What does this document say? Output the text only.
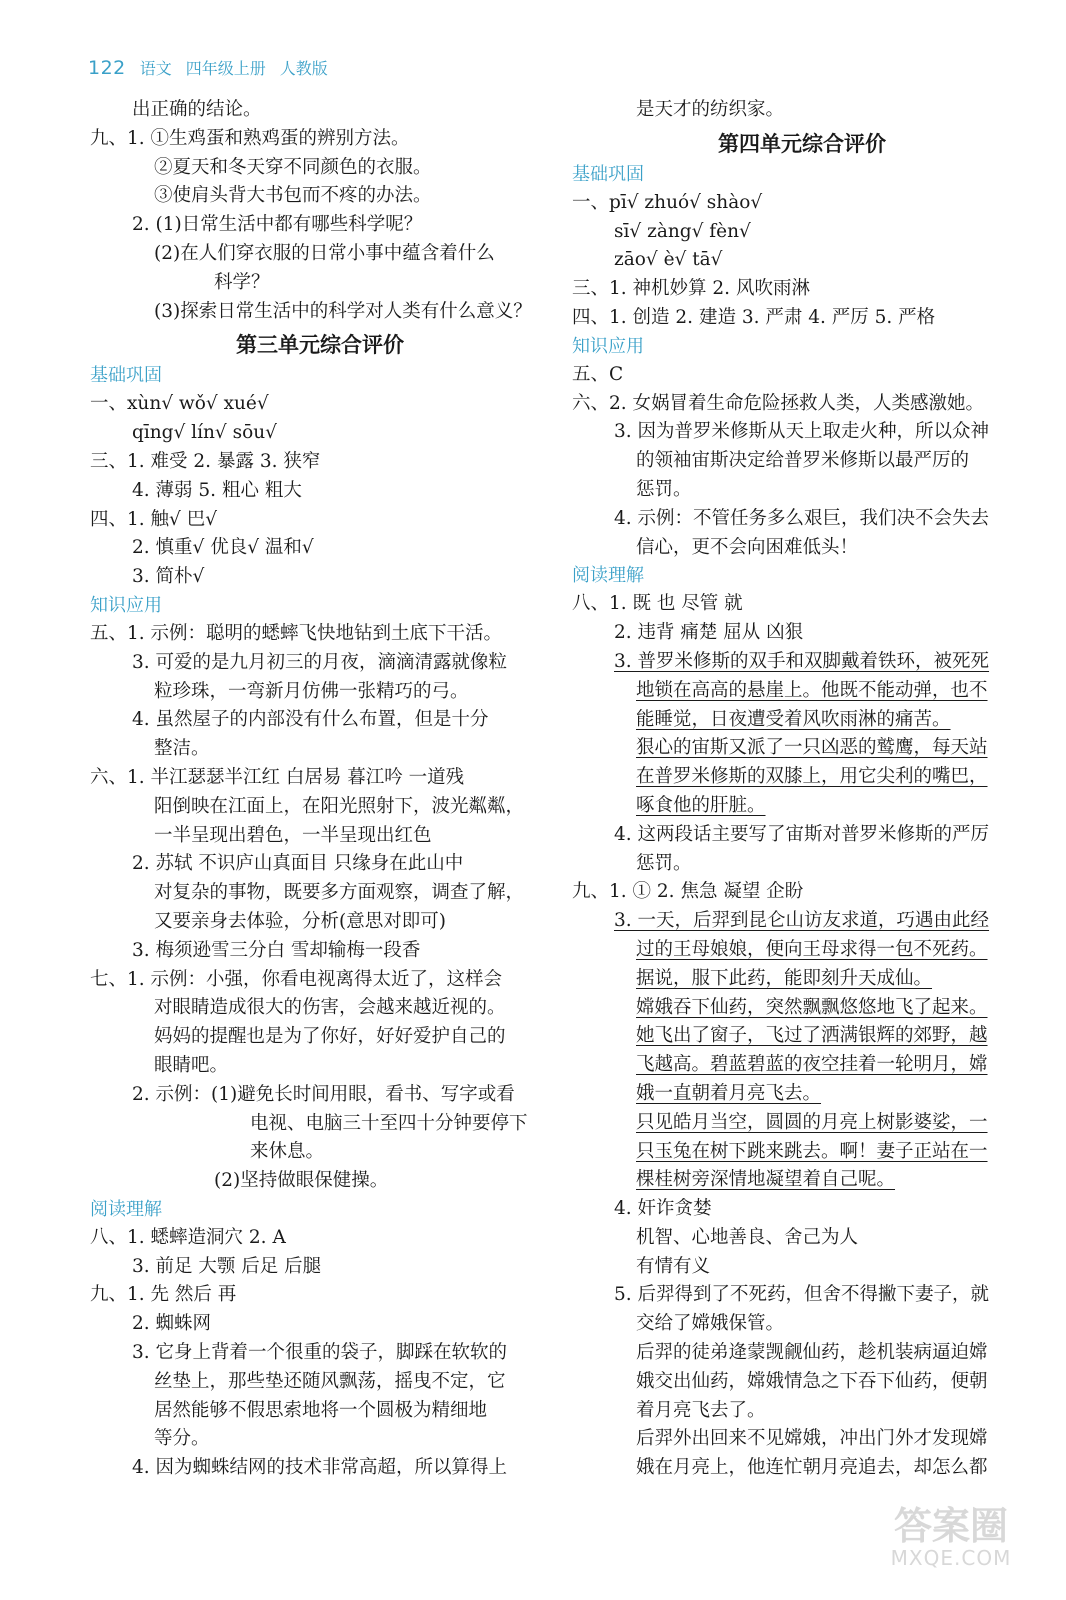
122 语文 四年级上册 人教版
出正确的结论。
九、1. ①生鸡蛋和熟鸡蛋的辨别方法。
②夏天和冬天穿不同颜色的衣服。
③使肩头背大书包而不疼的办法。
2. (1)日常生活中都有哪些科学呢？
(2)在人们穿衣服的日常小事中蕴含着什么
科学？
(3)探索日常生活中的科学对人类有什么意义？
第三单元综合评价
基础巩固
一、xùn√ wǒ√ xué√
qīng√ lín√ sōu√
三、1. 难受 2. 暴露 3. 狭窄
4. 薄弱 5. 粗心 粗大
四、1. 触√ 巴√
2. 慎重√ 优良√ 温和√
3. 简朴√
知识应用
五、1. 示例：聪明的蟋蟀飞快地钻到土底下干活。
3. 可爱的是九月初三的月夜，滴滴清露就像粒
粒珍珠，一弯新月仿佛一张精巧的弓。
4. 虽然屋子的内部没有什么布置，但是十分
整洁。
六、1. 半江瑟瑟半江红 白居易 暮江吟 一道残
阳倒映在江面上，在阳光照射下，波光粼粼，
一半呈现出碧色，一半呈现出红色
2. 苏轼 不识庐山真面目 只缘身在此山中
对复杂的事物，既要多方面观察，调查了解，
又要亲身去体验，分析(意思对即可)
3. 梅须逊雪三分白 雪却输梅一段香
七、1. 示例：小强，你看电视离得太近了，这样会
对眼睛造成很大的伤害，会越来越近视的。
妈妈的提醒也是为了你好，好好爱护自己的
眼睛吧。
2. 示例：(1)避免长时间用眼，看书、写字或看
电视、电脑三十至四十分钟要停下
来休息。
(2)坚持做眼保健操。
阅读理解
八、1. 蟋蟀造洞穴 2. A
3. 前足 大颚 后足 后腿
九、1. 先 然后 再
2. 蜘蛛网
3. 它身上背着一个很重的袋子，脚踩在软软的
丝垫上，那些垫还随风飘荡，摇曳不定，它
居然能够不假思索地将一个圆极为精细地
等分。
4. 因为蜘蛛结网的技术非常高超，所以算得上
是天才的纺织家。
第四单元综合评价
基础巩固
一、pī√ zhuó√ shào√
sī√ zàng√ fèn√
zāo√ è√ tā√
三、1. 神机妙算 2. 风吹雨淋
四、1. 创造 2. 建造 3. 严肃 4. 严厉 5. 严格
知识应用
五、C
六、2. 女娲冒着生命危险拯救人类，人类感激她。
3. 因为普罗米修斯从天上取走火种，所以众神
的领袖宙斯决定给普罗米修斯以最严厉的
惩罚。
4. 示例：不管任务多么艰巨，我们决不会失去
信心，更不会向困难低头！
阅读理解
八、1. 既 也 尽管 就
2. 违背 痛楚 屈从 凶狠
3. 普罗米修斯的双手和双脚戴着铁环，被死死
地锁在高高的悬崖上。他既不能动弹，也不
能睡觉，日夜遭受着风吹雨淋的痛苦。
狠心的宙斯又派了一只凶恶的鹫鹰，每天站
在普罗米修斯的双膝上，用它尖利的嘴巴，
啄食他的肝脏。
4. 这两段话主要写了宙斯对普罗米修斯的严厉
惩罚。
九、1. ① 2. 焦急 凝望 企盼
3. 一天，后羿到昆仑山访友求道，巧遇由此经
过的王母娘娘，便向王母求得一包不死药。
据说，服下此药，能即刻升天成仙。
嫦娥吞下仙药，突然飘飘悠悠地飞了起来。
她飞出了窗子，飞过了洒满银辉的郊野，越
飞越高。碧蓝碧蓝的夜空挂着一轮明月，嫦
娥一直朝着月亮飞去。
只见皓月当空，圆圆的月亮上树影婆娑，一
只玉兔在树下跳来跳去。啊！妻子正站在一
棵桂树旁深情地凝望着自己呢。
4. 奸诈贪婪
机智、心地善良、舍己为人
有情有义
5. 后羿得到了不死药，但舍不得撇下妻子，就
交给了嫦娥保管。
后羿的徒弟逄蒙觊觎仙药，趁机装病逼迫嫦
娥交出仙药，嫦娥情急之下吞下仙药，便朝
着月亮飞去了。
后羿外出回来不见嫦娥，冲出门外才发现嫦
娥在月亮上，他连忙朝月亮追去，却怎么都
答案圈
MXQE.COM
